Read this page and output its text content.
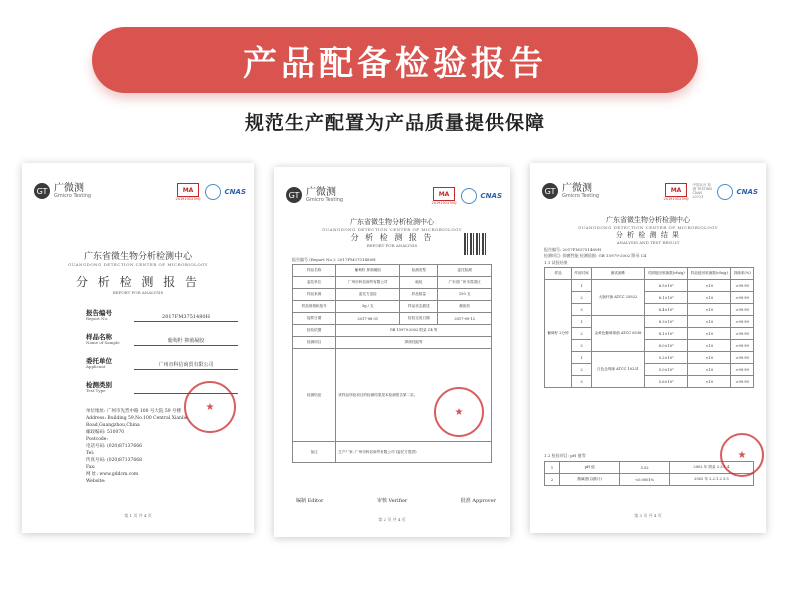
产品配备检验报告
规范生产配置为产品质量提供保障
GT 广微测
Gmicro Testing
MA
2019192239Q
CNAS
广东省微生物分析检测中心
GUANGDONG DETECTION CENTER OF MICROBIOLOGY
分 析 检 测 报 告
REPORT FOR ANALYSIS
报告编号
Report No.	2017FM3751480H
样品名称
Name of Sample	葡萄籽 抑菌凝胶
委托单位
Applicant	广州市科信商贸有限公司
检测类别
Test Type
单位地址: 广州市先烈中路 100 号大院 59 号楼
Address: Building 59,No.100 Central Xianlie Road,Guangzhou,China
邮政编码: 510070
Postcode:
电话号码: (020)87137666
Tel:
传真号码: (020)87137668
Fax:
网 址: www.gddcm.com
Website:
★
第 1 页 共 4 页
GT 广微测
Gmicro Testing
MA
2019192239Q
CNAS
广东省微生物分析检测中心
GUANGDONG DETECTION CENTER OF MICROBIOLOGY
分 析 检 测 报 告
REPORT FOR ANALYSIS
报告编号 (Report No.): 2017FM3751480H
样品名称	葡萄籽 抑菌凝胶	检测类型	委托检测
委托单位	广州市科信商贸有限公司	地址	广东省广州市荔湾区
样品来源	委托方送检	样品数量	150 支
样品规格和批号	3g / 支	样品状态描述	凝胶状
接样日期	2017-08-31	检验完成日期	2017-09-12
检验依据	GB 15979-2002 附录 C4 等		
检测项目	抑菌性能等		
检测结论	该样品所检项目的检测结果见本检测报告第二页。		
备注	生产厂家: 广州市科信商贸有限公司 (委托方提供)		
★
编制 Editor	审核 Verifier	批准 Approver
第 2 页 共 4 页
GT 广微测
Gmicro Testing
MA
2019192239Q
中国认可 检测 TESTING CNAS L0713
CNAS
广东省微生物分析检测中心
GUANGDONG DETECTION CENTER OF MICROBIOLOGY
分 析 检 测 结 果
ANALYSIS AND TEST RESULT
报告编号: 2017FM3751480H
检测项目: 抑菌性能 检测依据: GB 15979-2002 附录 C4
1.1 试验结果
样品	作用时间	测试菌株	对照组回收菌数(cfu/g)	样品组回收菌数(cfu/g)	抑菌率(%)
葡萄籽 2分钟	1	大肠杆菌 ATCC 25922	6.5×10⁵	<10	>99.99
	2		6.1×10⁵	<10	>99.99
	3		6.4×10⁵	<10	>99.99
	1	金黄色葡萄球菌 ATCC 6538	8.3×10⁵	<10	>99.99
	2		8.1×10⁵	<10	>99.99
	3		8.0×10⁵	<10	>99.99
	1	白色念珠菌 ATCC 10231	5.2×10⁵	<10	>99.99
	2		5.0×10⁵	<10	>99.99
	3		5.6×10⁵	<10	>99.99
1.2 检验项目: pH 值等
1	pH 值	5.52	2002 年 附录 2.3.1.4
2	酸碱度(以酸计)	<0.0001%	2002 年 2.2.1.2 3.5
★
第 3 页 共 4 页
